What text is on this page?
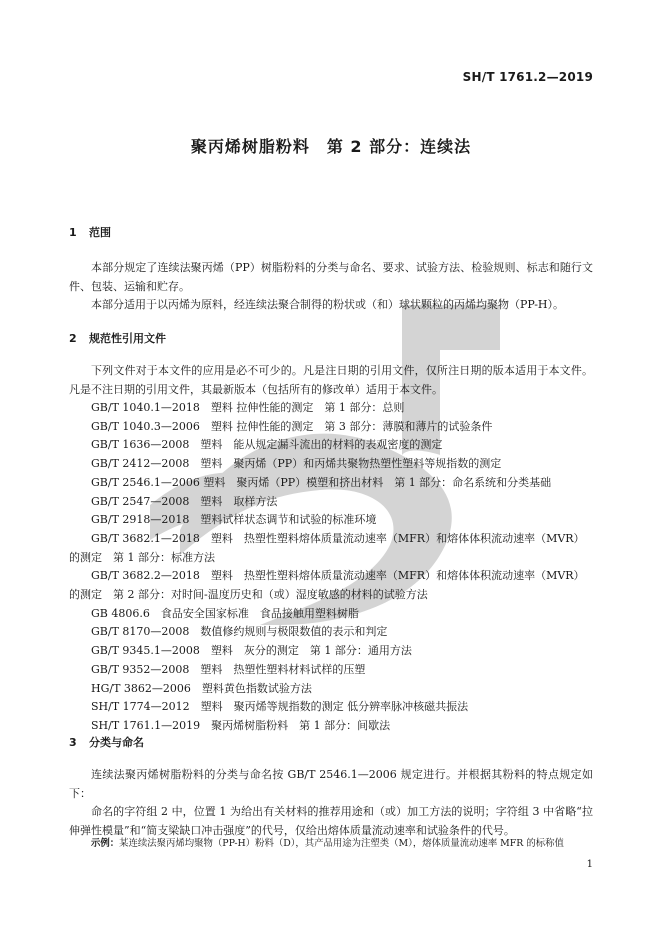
SH/T 1761.2—2019
聚丙烯树脂粉料　第 2 部分：连续法
1 范围
本部分规定了连续法聚丙烯（PP）树脂粉料的分类与命名、要求、试验方法、检验规则、标志和随行文件、包装、运输和贮存。
本部分适用于以丙烯为原料，经连续法聚合制得的粉状或（和）球状颗粒的丙烯均聚物（PP-H）。
2 规范性引用文件
下列文件对于本文件的应用是必不可少的。凡是注日期的引用文件，仅所注日期的版本适用于本文件。凡是不注日期的引用文件，其最新版本（包括所有的修改单）适用于本文件。
GB/T 1040.1—2018　塑料 拉伸性能的测定　第 1 部分：总则
GB/T 1040.3—2006　塑料 拉伸性能的测定　第 3 部分：薄膜和薄片的试验条件
GB/T 1636—2008　塑料　能从规定漏斗流出的材料的表观密度的测定
GB/T 2412—2008　塑料　聚丙烯（PP）和丙烯共聚物热塑性塑料等规指数的测定
GB/T 2546.1—2006 塑料　聚丙烯（PP）模塑和挤出材料　第 1 部分：命名系统和分类基础
GB/T 2547—2008　塑料　取样方法
GB/T 2918—2018　塑料试样状态调节和试验的标准环境
GB/T 3682.1—2018　塑料　热塑性塑料熔体质量流动速率（MFR）和熔体体积流动速率（MVR）
的测定　第 1 部分：标准方法
GB/T 3682.2—2018　塑料　热塑性塑料熔体质量流动速率（MFR）和熔体体积流动速率（MVR）
的测定　第 2 部分：对时间-温度历史和（或）湿度敏感的材料的试验方法
GB 4806.6　食品安全国家标准　食品接触用塑料树脂
GB/T 8170—2008　数值修约规则与极限数值的表示和判定
GB/T 9345.1—2008　塑料　灰分的测定　第 1 部分：通用方法
GB/T 9352—2008　塑料　热塑性塑料材料试样的压塑
HG/T 3862—2006　塑料黄色指数试验方法
SH/T 1774—2012　塑料　聚丙烯等规指数的测定 低分辨率脉冲核磁共振法
SH/T 1761.1—2019　聚丙烯树脂粉料　第 1 部分：间歇法
3 分类与命名
连续法聚丙烯树脂粉料的分类与命名按 GB/T 2546.1—2006 规定进行。并根据其粉料的特点规定如下：
命名的字符组 2 中，位置 1 为给出有关材料的推荐用途和（或）加工方法的说明；字符组 3 中省略“拉伸弹性模量”和“简支梁缺口冲击强度”的代号，仅给出熔体质量流动速率和试验条件的代号。
示例：某连续法聚丙烯均聚物（PP-H）粉料（D），其产品用途为注塑类（M），熔体质量流动速率 MFR 的标称值
1
